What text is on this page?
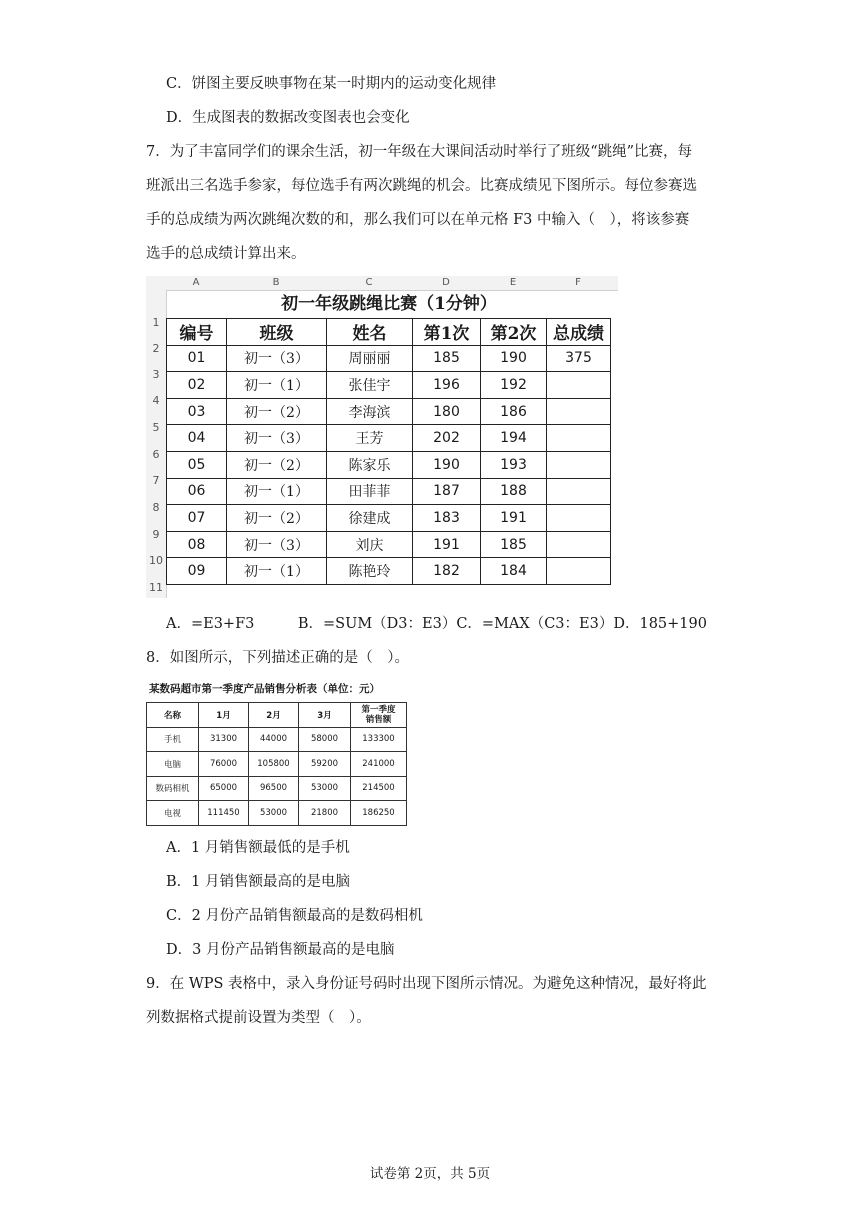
C．饼图主要反映事物在某一时期内的运动变化规律
D．生成图表的数据改变图表也会变化
7．为了丰富同学们的课余生活，初一年级在大课间活动时举行了班级“跳绳”比赛，每
班派出三名选手参家，每位选手有两次跳绳的机会。比赛成绩见下图所示。每位参赛选
手的总成绩为两次跳绳次数的和，那么我们可以在单元格 F3 中输入（　），将该参赛
选手的总成绩计算出来。
A	B	C	D	E	F
1
2
3
4
5
6
7
8
9
10
11
初一年级跳绳比赛（1分钟）
编号	班级	姓名	第1次	第2次	总成绩
01	初一（3）	周丽丽	185	190	375
02	初一（1）	张佳宇	196	192	
03	初一（2）	李海滨	180	186	
04	初一（3）	王芳	202	194	
05	初一（2）	陈家乐	190	193	
06	初一（1）	田菲菲	187	188	
07	初一（2）	徐建成	183	191	
08	初一（3）	刘庆	191	185	
09	初一（1）	陈艳玲	182	184	
A．=E3+F3　　　B．=SUM（D3：E3）C．=MAX（C3：E3）D．185+190
8．如图所示，下列描述正确的是（　）。
某数码超市第一季度产品销售分析表（单位：元）
名称	1月	2月	3月	第一季度
销售额
手机	31300	44000	58000	133300
电脑	76000	105800	59200	241000
数码相机	65000	96500	53000	214500
电视	111450	53000	21800	186250
A．1 月销售额最低的是手机
B．1 月销售额最高的是电脑
C．2 月份产品销售额最高的是数码相机
D．3 月份产品销售额最高的是电脑
9．在 WPS 表格中，录入身份证号码时出现下图所示情况。为避免这种情况，最好将此
列数据格式提前设置为类型（　）。
试卷第 2页，共 5页
